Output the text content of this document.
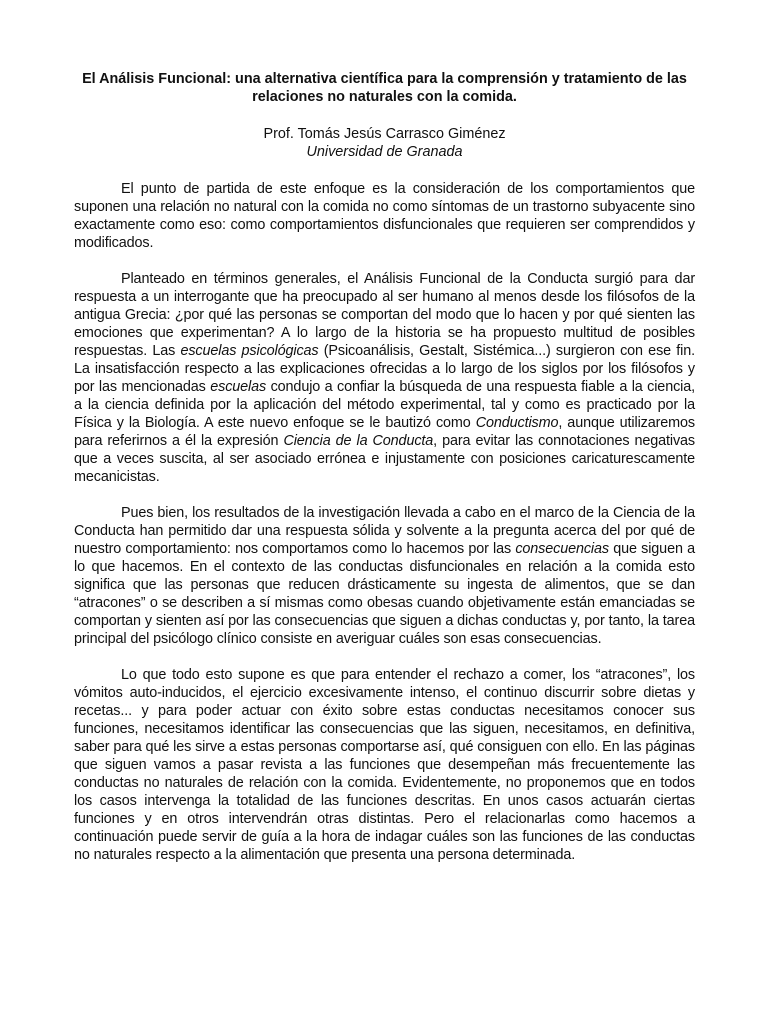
El Análisis Funcional: una alternativa científica para la comprensión y tratamiento de las relaciones no naturales con la comida.
Prof. Tomás Jesús Carrasco Giménez
Universidad de Granada

El punto de partida de este enfoque es la consideración de los comportamientos que suponen una relación no natural con la comida no como síntomas de un trastorno subyacente sino exactamente como eso: como comportamientos disfuncionales que requieren ser comprendidos y modificados.

Planteado en términos generales, el Análisis Funcional de la Conducta surgió para dar respuesta a un interrogante que ha preocupado al ser humano al menos desde los filósofos de la antigua Grecia: ¿por qué las personas se comportan del modo que lo hacen y por qué sienten las emociones que experimentan? A lo largo de la historia se ha propuesto multitud de posibles respuestas. Las escuelas psicológicas (Psicoanálisis, Gestalt, Sistémica...) surgieron con ese fin. La insatisfacción respecto a las explicaciones ofrecidas a lo largo de los siglos por los filósofos y por las mencionadas escuelas condujo a confiar la búsqueda de una respuesta fiable a la ciencia, a la ciencia definida por la aplicación del método experimental, tal y como es practicado por la Física y la Biología. A este nuevo enfoque se le bautizó como Conductismo, aunque utilizaremos para referirnos a él la expresión Ciencia de la Conducta, para evitar las connotaciones negativas que a veces suscita, al ser asociado errónea e injustamente con posiciones caricaturescamente mecanicistas.

Pues bien, los resultados de la investigación llevada a cabo en el marco de la Ciencia de la Conducta han permitido dar una respuesta sólida y solvente a la pregunta acerca del por qué de nuestro comportamiento: nos comportamos como lo hacemos por las consecuencias que siguen a lo que hacemos. En el contexto de las conductas disfuncionales en relación a la comida esto significa que las personas que reducen drásticamente su ingesta de alimentos, que se dan “atracones” o se describen a sí mismas como obesas cuando objetivamente están emanciadas se comportan y sienten así por las consecuencias que siguen a dichas conductas y, por tanto, la tarea principal del psicólogo clínico consiste en averiguar cuáles son esas consecuencias.

Lo que todo esto supone es que para entender el rechazo a comer, los “atracones”, los vómitos auto-inducidos, el ejercicio excesivamente intenso, el continuo discurrir sobre dietas y recetas... y para poder actuar con éxito sobre estas conductas necesitamos conocer sus funciones, necesitamos identificar las consecuencias que las siguen, necesitamos, en definitiva, saber para qué les sirve a estas personas comportarse así, qué consiguen con ello. En las páginas que siguen vamos a pasar revista a las funciones que desempeñan más frecuentemente las conductas no naturales de relación con la comida. Evidentemente, no proponemos que en todos los casos intervenga la totalidad de las funciones descritas. En unos casos actuarán ciertas funciones y en otros intervendrán otras distintas. Pero el relacionarlas como hacemos a continuación puede servir de guía a la hora de indagar cuáles son las funciones de las conductas no naturales respecto a la alimentación que presenta una persona determinada.
